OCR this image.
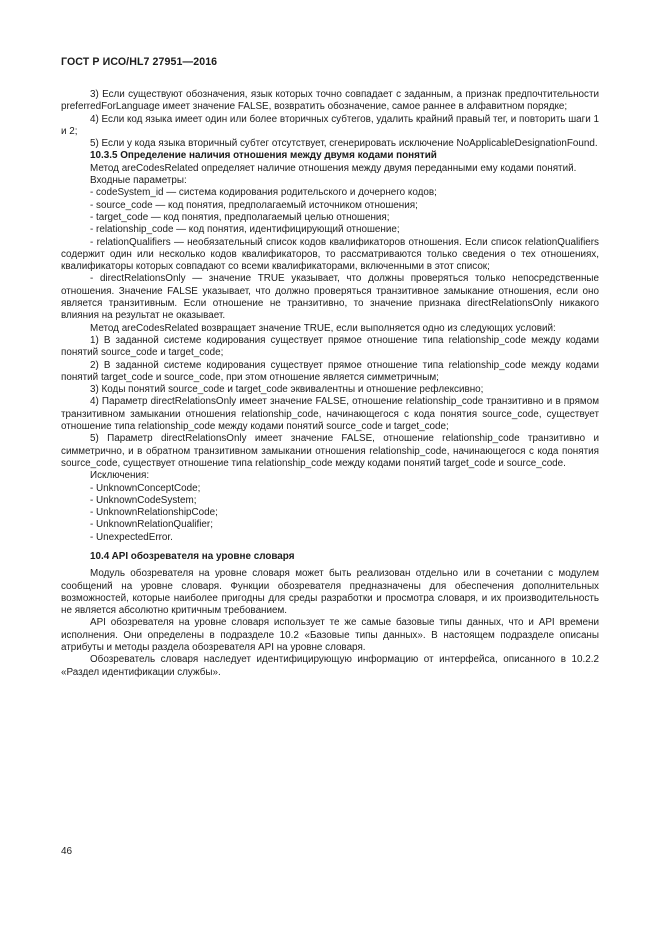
ГОСТ Р ИСО/HL7 27951—2016

3) Если существуют обозначения, язык которых точно совпадает с заданным, а признак предпочтительности preferredForLanguage имеет значение FALSE, возвратить обозначение, самое раннее в алфавитном порядке;

4) Если код языка имеет один или более вторичных субтегов, удалить крайний правый тег, и повторить шаги 1 и 2;

5) Если у кода языка вторичный субтег отсутствует, сгенерировать исключение NoApplicableDesignationFound.

10.3.5 Определение наличия отношения между двумя кодами понятий

Метод areCodesRelated определяет наличие отношения между двумя переданными ему кодами понятий.

Входные параметры:

- codeSystem_id — система кодирования родительского и дочернего кодов;

- source_code — код понятия, предполагаемый источником отношения;

- target_code — код понятия, предполагаемый целью отношения;

- relationship_code — код понятия, идентифицирующий отношение;

- relationQualifiers — необязательный список кодов квалификаторов отношения. Если список relationQualifiers содержит один или несколько кодов квалификаторов, то рассматриваются только сведения о тех отношениях, квалификаторы которых совпадают со всеми квалификаторами, включенными в этот список;

- directRelationsOnly — значение TRUE указывает, что должны проверяться только непосредственные отношения. Значение FALSE указывает, что должно проверяться транзитивное замыкание отношения, если оно является транзитивным. Если отношение не транзитивно, то значение признака directRelationsOnly никакого влияния на результат не оказывает.

Метод areCodesRelated возвращает значение TRUE, если выполняется одно из следующих условий:

1) В заданной системе кодирования существует прямое отношение типа relationship_code между кодами понятий source_code и target_code;

2) В заданной системе кодирования существует прямое отношение типа relationship_code между кодами понятий target_code и source_code, при этом отношение является симметричным;

3) Коды понятий source_code и target_code эквивалентны и отношение рефлексивно;

4) Параметр directRelationsOnly имеет значение FALSE, отношение relationship_code транзитивно и в прямом транзитивном замыкании отношения relationship_code, начинающегося с кода понятия source_code, существует отношение типа relationship_code между кодами понятий source_code и target_code;

5) Параметр directRelationsOnly имеет значение FALSE, отношение relationship_code транзитивно и симметрично, и в обратном транзитивном замыкании отношения relationship_code, начинающегося с кода понятия source_code, существует отношение типа relationship_code между кодами понятий target_code и source_code.

Исключения:

- UnknownConceptCode;

- UnknownCodeSystem;

- UnknownRelationshipCode;

- UnknownRelationQualifier;

- UnexpectedError.

10.4 API обозревателя на уровне словаря

Модуль обозревателя на уровне словаря может быть реализован отдельно или в сочетании с модулем сообщений на уровне словаря. Функции обозревателя предназначены для обеспечения дополнительных возможностей, которые наиболее пригодны для среды разработки и просмотра словаря, и их производительность не является абсолютно критичным требованием.

API обозревателя на уровне словаря использует те же самые базовые типы данных, что и API времени исполнения. Они определены в подразделе 10.2 «Базовые типы данных». В настоящем подразделе описаны атрибуты и методы раздела обозревателя API на уровне словаря.

Обозреватель словаря наследует идентифицирующую информацию от интерфейса, описанного в 10.2.2 «Раздел идентификации службы».

46
